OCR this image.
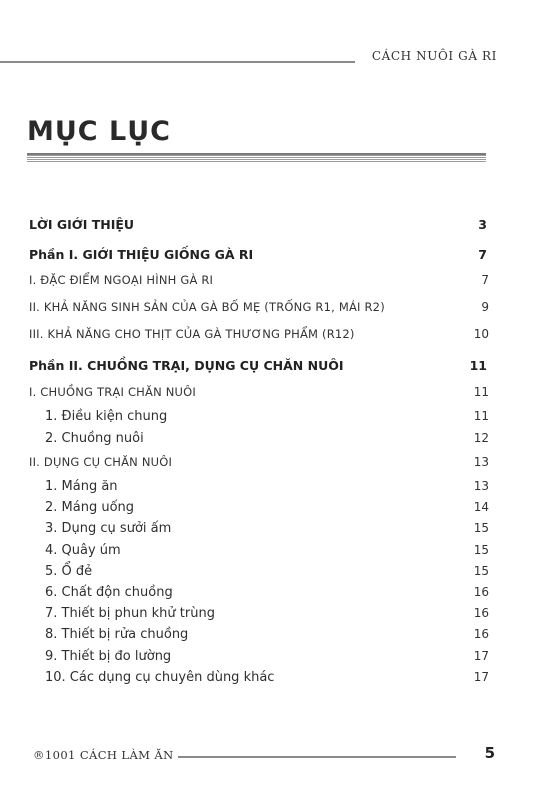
CÁCH NUÔI GÀ RI
MỤC LỤC
LỜI GIỚI THIỆU	3
Phần I. GIỚI THIỆU GIỐNG GÀ RI	7
I. ĐẶC ĐIỂM NGOẠI HÌNH GÀ RI	7
II. KHẢ NĂNG SINH SẢN CỦA GÀ BỐ MẸ (TRỐNG R1, MÁI R2)	9
III. KHẢ NĂNG CHO THỊT CỦA GÀ THƯƠNG PHẨM (R12)	10
Phần II. CHUỒNG TRẠI, DỤNG CỤ CHĂN NUÔI	11
I. CHUỒNG TRẠI CHĂN NUÔI	11
1. Điều kiện chung	11
2. Chuồng nuôi	12
II. DỤNG CỤ CHĂN NUÔI	13
1. Máng ăn	13
2. Máng uống	14
3. Dụng cụ sưởi ấm	15
4. Quây úm	15
5. Ổ đẻ	15
6. Chất độn chuồng	16
7. Thiết bị phun khử trùng	16
8. Thiết bị rửa chuồng	16
9. Thiết bị đo lường	17
10. Các dụng cụ chuyên dùng khác	17
®1001 CÁCH LÀM ĂN	5
